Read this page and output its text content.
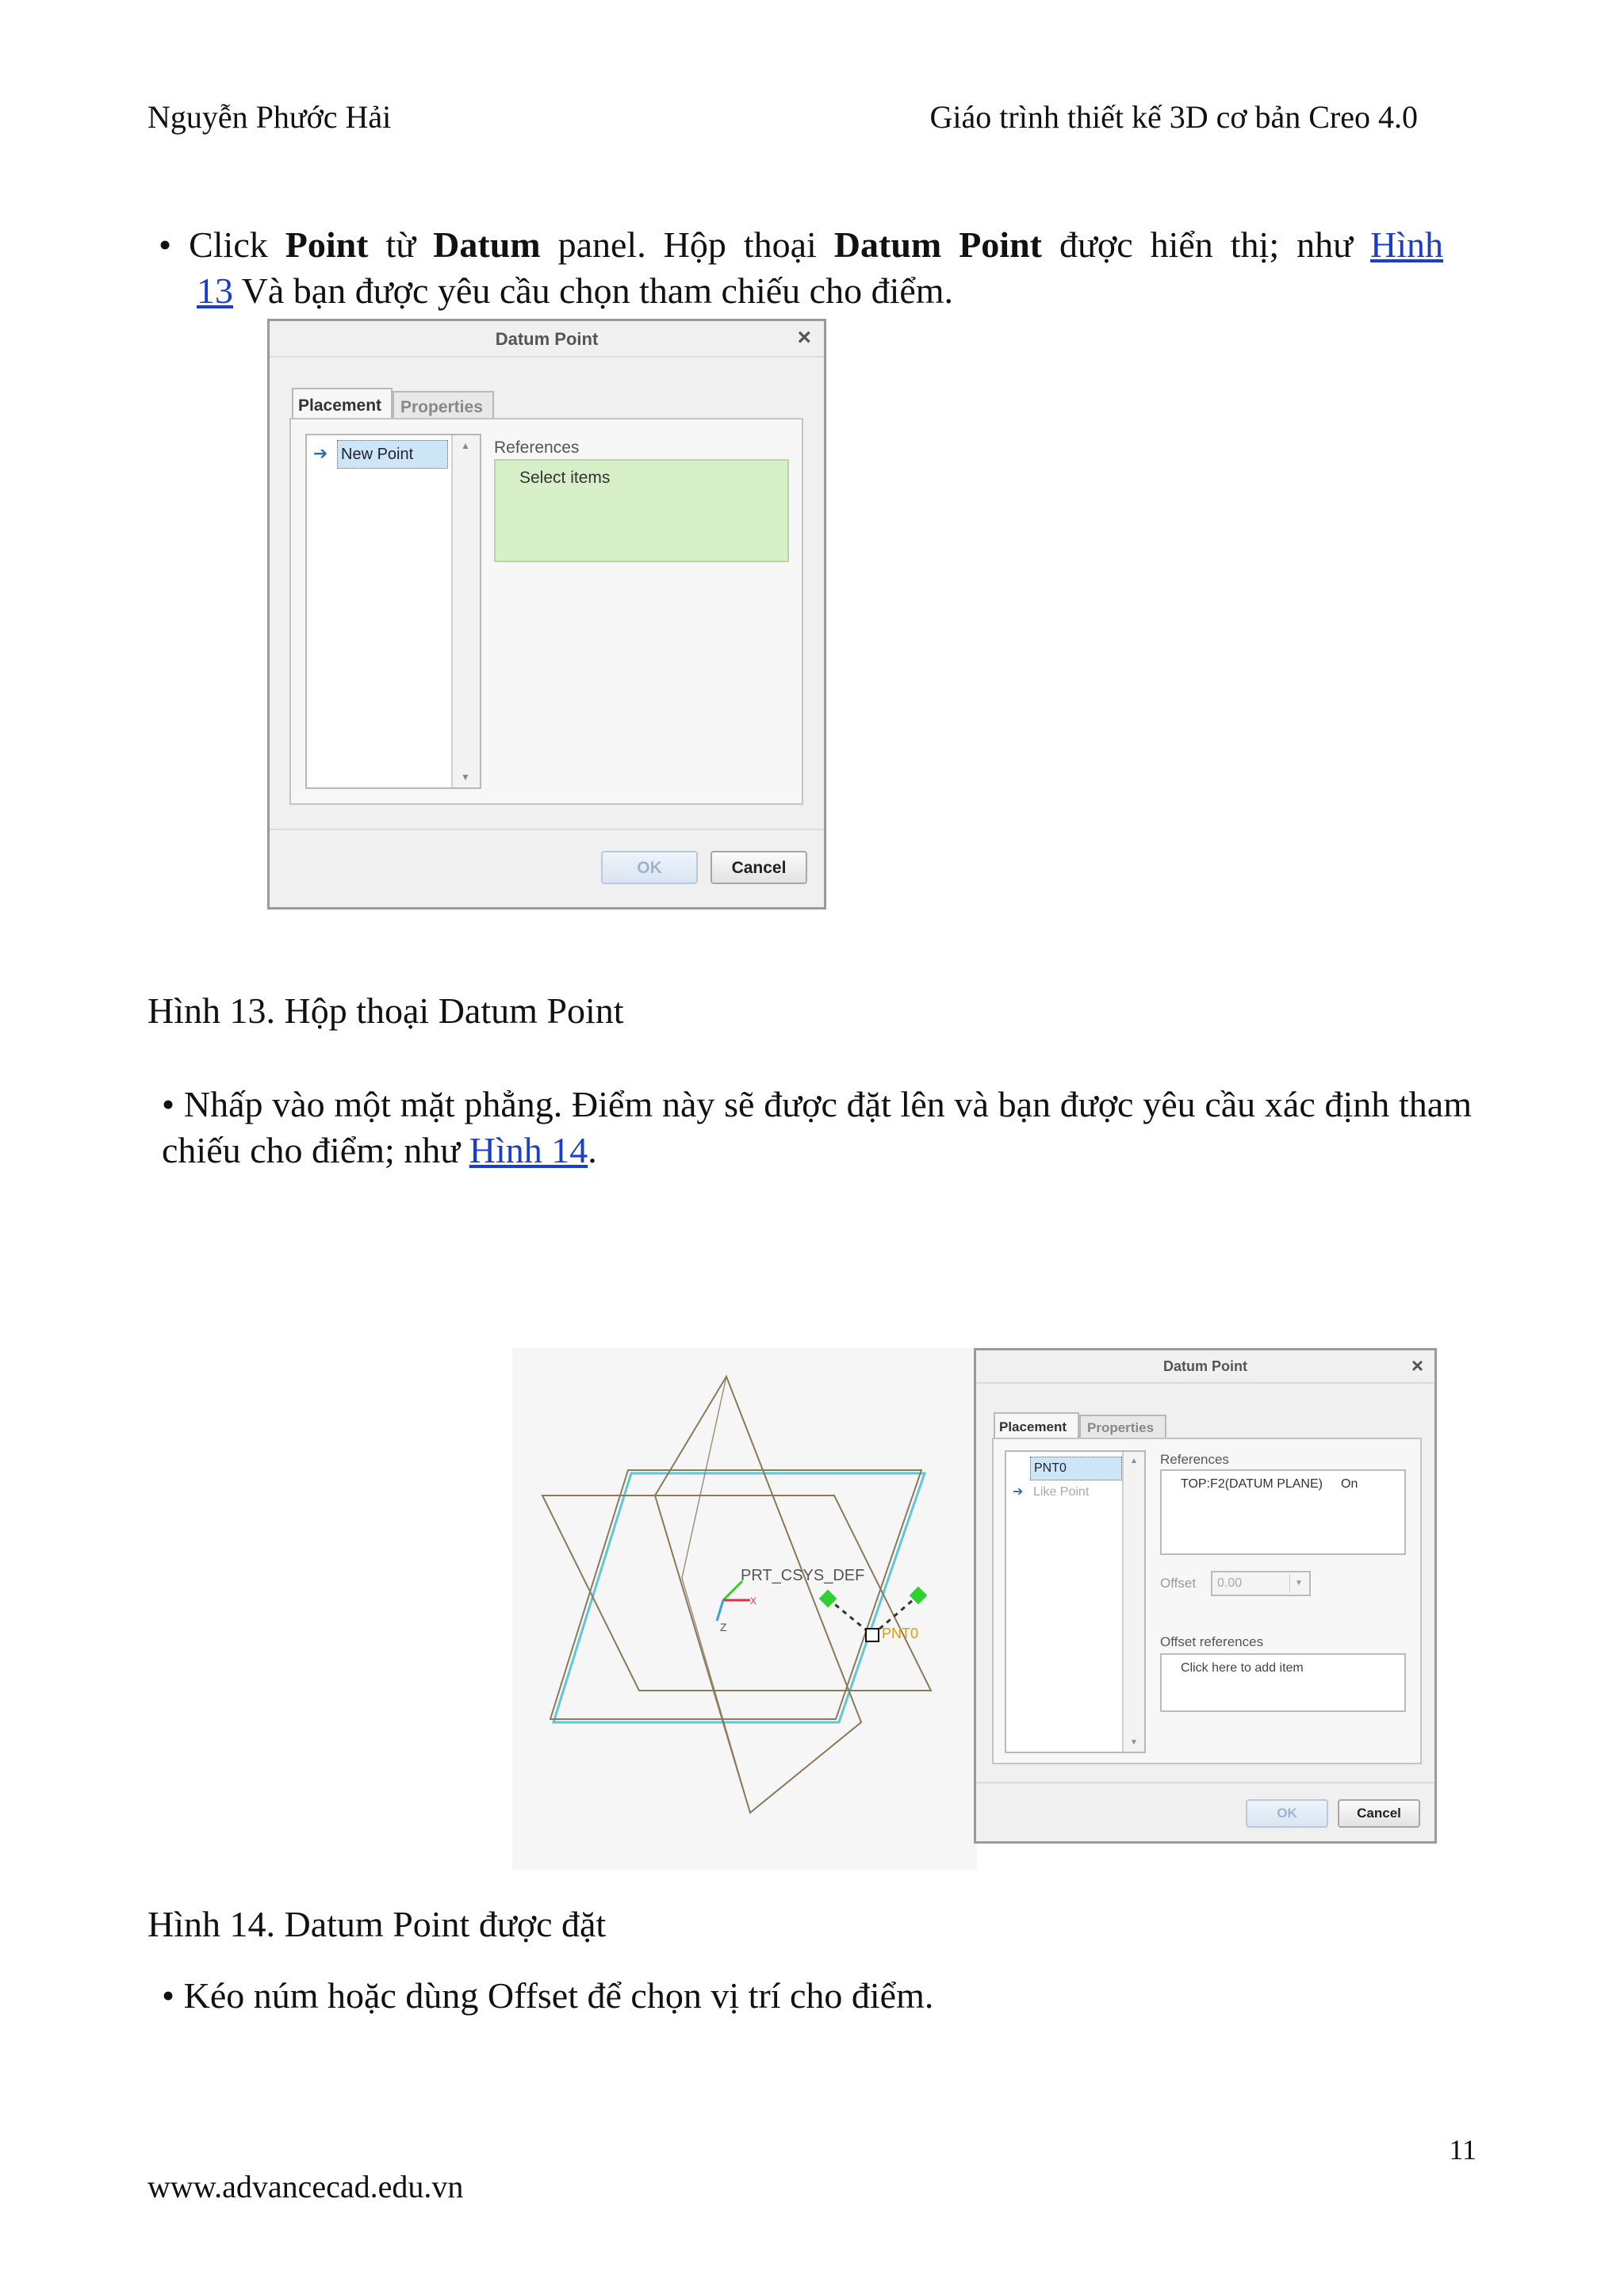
Nguyễn Phước Hải	Giáo trình thiết kế 3D cơ bản Creo 4.0
• Click Point từ Datum panel. Hộp thoại Datum Point được hiển thị; như Hình
13 Và bạn được yêu cầu chọn tham chiếu cho điểm.
Datum Point	×
Placement	Properties
➔ New Point	▲
▼
References
Select items
OK	Cancel
Hình 13. Hộp thoại Datum Point
• Nhấp vào một mặt phẳng. Điểm này sẽ được đặt lên và bạn được yêu cầu xác định tham chiếu cho điểm; như Hình 14.
PRT_CSYS_DEF
X
Z	PNT0
Datum Point	×
Placement	Properties
PNT0
➔ Like Point
▲
▼
References
TOP:F2(DATUM PLANE) On
Offset 0.00	▼
Offset references
Click here to add item
OK	Cancel
Hình 14. Datum Point được đặt
• Kéo núm hoặc dùng Offset để chọn vị trí cho điểm.
11
www.advancecad.edu.vn
